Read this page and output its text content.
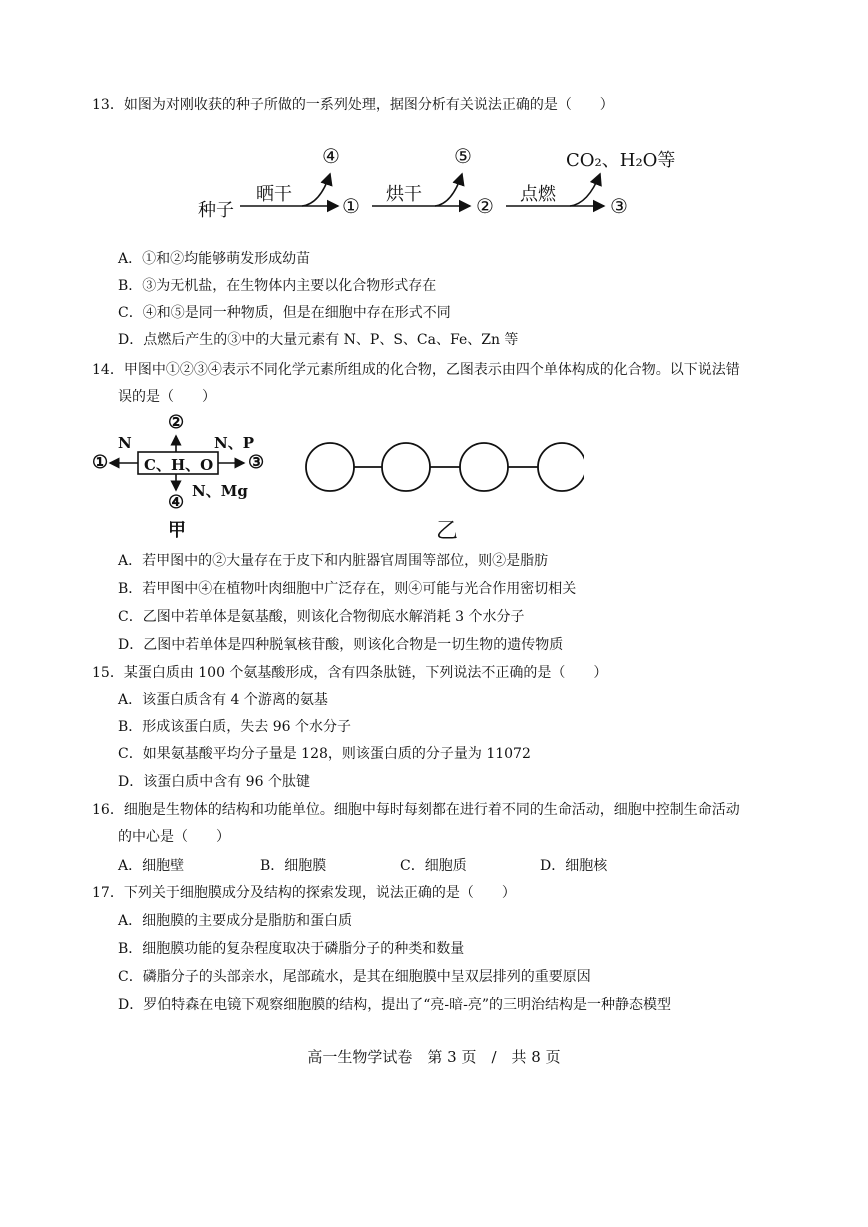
13．如图为对刚收获的种子所做的一系列处理，据图分析有关说法正确的是（　　）
种子
晒干	①
④
烘干	②
⑤
点燃	③
CO₂、H₂O等
A．①和②均能够萌发形成幼苗
B．③为无机盐，在生物体内主要以化合物形式存在
C．④和⑤是同一种物质，但是在细胞中存在形式不同
D．点燃后产生的③中的大量元素有 N、P、S、Ca、Fe、Zn 等
14．甲图中①②③④表示不同化学元素所组成的化合物，乙图表示由四个单体构成的化合物。以下说法错
误的是（　　）
C、H、O
①
②
③
④
N	N、P
N、Mg
甲	乙
A．若甲图中的②大量存在于皮下和内脏器官周围等部位，则②是脂肪
B．若甲图中④在植物叶肉细胞中广泛存在，则④可能与光合作用密切相关
C．乙图中若单体是氨基酸，则该化合物彻底水解消耗 3 个水分子
D．乙图中若单体是四种脱氧核苷酸，则该化合物是一切生物的遗传物质
15．某蛋白质由 100 个氨基酸形成，含有四条肽链，下列说法不正确的是（　　）
A．该蛋白质含有 4 个游离的氨基
B．形成该蛋白质，失去 96 个水分子
C．如果氨基酸平均分子量是 128，则该蛋白质的分子量为 11072
D．该蛋白质中含有 96 个肽键
16．细胞是生物体的结构和功能单位。细胞中每时每刻都在进行着不同的生命活动，细胞中控制生命活动
的中心是（　　）
A．细胞壁	B．细胞膜	C．细胞质	D．细胞核
17．下列关于细胞膜成分及结构的探索发现，说法正确的是（　　）
A．细胞膜的主要成分是脂肪和蛋白质
B．细胞膜功能的复杂程度取决于磷脂分子的种类和数量
C．磷脂分子的头部亲水，尾部疏水，是其在细胞膜中呈双层排列的重要原因
D．罗伯特森在电镜下观察细胞膜的结构，提出了“亮-暗-亮”的三明治结构是一种静态模型
高一生物学试卷　第 3 页　/　共 8 页
